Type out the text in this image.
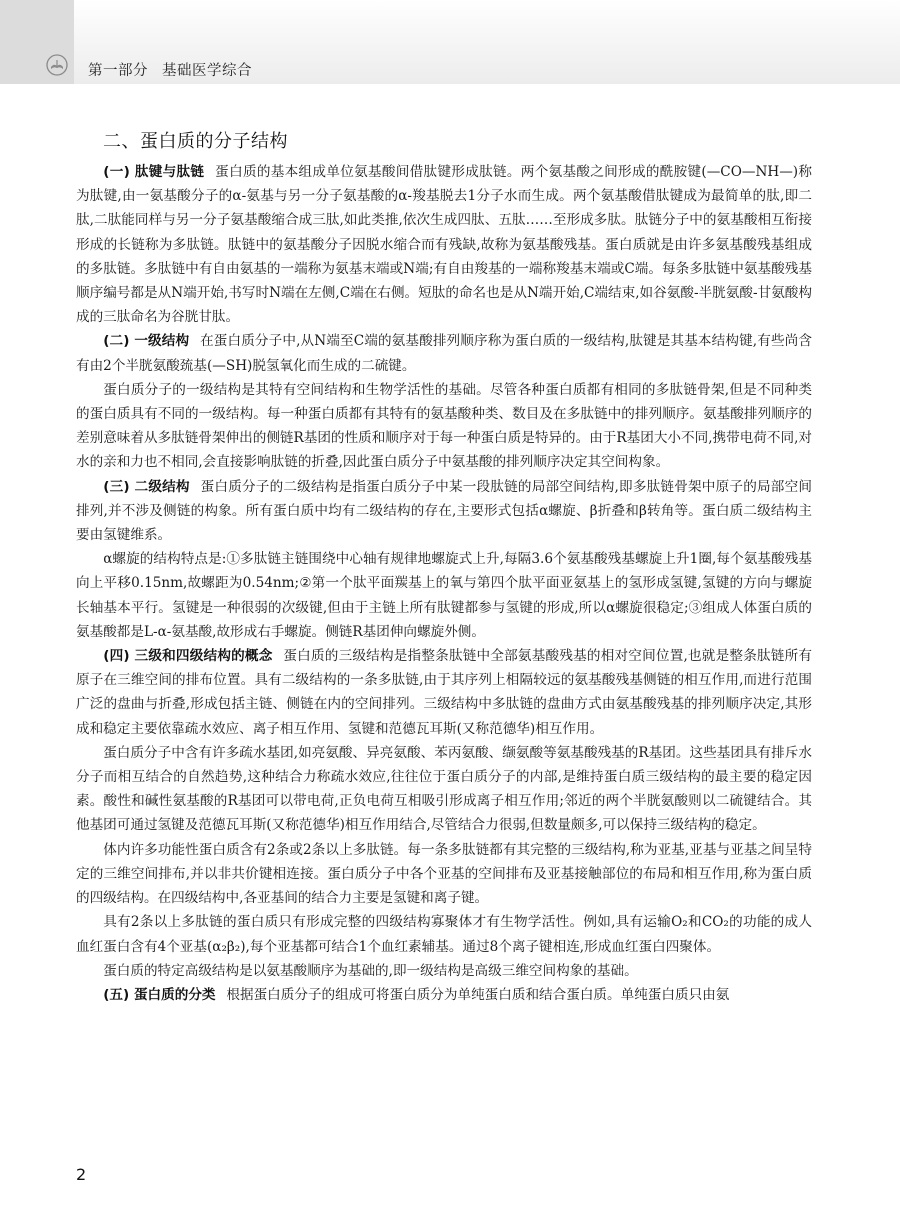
第一部分 基础医学综合
二、蛋白质的分子结构

(一) 肽键与肽链 蛋白质的基本组成单位氨基酸间借肽键形成肽链。两个氨基酸之间形成的酰胺键(—CO—NH—)称为肽键,由一氨基酸分子的α-氨基与另一分子氨基酸的α-羧基脱去1分子水而生成。两个氨基酸借肽键成为最简单的肽,即二肽,二肽能同样与另一分子氨基酸缩合成三肽,如此类推,依次生成四肽、五肽……至形成多肽。肽链分子中的氨基酸相互衔接形成的长链称为多肽链。肽链中的氨基酸分子因脱水缩合而有残缺,故称为氨基酸残基。蛋白质就是由许多氨基酸残基组成的多肽链。多肽链中有自由氨基的一端称为氨基末端或N端;有自由羧基的一端称羧基末端或C端。每条多肽链中氨基酸残基顺序编号都是从N端开始,书写时N端在左侧,C端在右侧。短肽的命名也是从N端开始,C端结束,如谷氨酸-半胱氨酸-甘氨酸构成的三肽命名为谷胱甘肽。

(二) 一级结构 在蛋白质分子中,从N端至C端的氨基酸排列顺序称为蛋白质的一级结构,肽键是其基本结构键,有些尚含有由2个半胱氨酸巯基(—SH)脱氢氧化而生成的二硫键。

蛋白质分子的一级结构是其特有空间结构和生物学活性的基础。尽管各种蛋白质都有相同的多肽链骨架,但是不同种类的蛋白质具有不同的一级结构。每一种蛋白质都有其特有的氨基酸种类、数目及在多肽链中的排列顺序。氨基酸排列顺序的差别意味着从多肽链骨架伸出的侧链R基团的性质和顺序对于每一种蛋白质是特异的。由于R基团大小不同,携带电荷不同,对水的亲和力也不相同,会直接影响肽链的折叠,因此蛋白质分子中氨基酸的排列顺序决定其空间构象。

(三) 二级结构 蛋白质分子的二级结构是指蛋白质分子中某一段肽链的局部空间结构,即多肽链骨架中原子的局部空间排列,并不涉及侧链的构象。所有蛋白质中均有二级结构的存在,主要形式包括α螺旋、β折叠和β转角等。蛋白质二级结构主要由氢键维系。

α螺旋的结构特点是:①多肽链主链围绕中心轴有规律地螺旋式上升,每隔3.6个氨基酸残基螺旋上升1圈,每个氨基酸残基向上平移0.15nm,故螺距为0.54nm;②第一个肽平面羰基上的氧与第四个肽平面亚氨基上的氢形成氢键,氢键的方向与螺旋长轴基本平行。氢键是一种很弱的次级键,但由于主链上所有肽键都参与氢键的形成,所以α螺旋很稳定;③组成人体蛋白质的氨基酸都是L-α-氨基酸,故形成右手螺旋。侧链R基团伸向螺旋外侧。

(四) 三级和四级结构的概念 蛋白质的三级结构是指整条肽链中全部氨基酸残基的相对空间位置,也就是整条肽链所有原子在三维空间的排布位置。具有二级结构的一条多肽链,由于其序列上相隔较远的氨基酸残基侧链的相互作用,而进行范围广泛的盘曲与折叠,形成包括主链、侧链在内的空间排列。三级结构中多肽链的盘曲方式由氨基酸残基的排列顺序决定,其形成和稳定主要依靠疏水效应、离子相互作用、氢键和范德瓦耳斯(又称范德华)相互作用。

蛋白质分子中含有许多疏水基团,如亮氨酸、异亮氨酸、苯丙氨酸、缬氨酸等氨基酸残基的R基团。这些基团具有排斥水分子而相互结合的自然趋势,这种结合力称疏水效应,往往位于蛋白质分子的内部,是维持蛋白质三级结构的最主要的稳定因素。酸性和碱性氨基酸的R基团可以带电荷,正负电荷互相吸引形成离子相互作用;邻近的两个半胱氨酸则以二硫键结合。其他基团可通过氢键及范德瓦耳斯(又称范德华)相互作用结合,尽管结合力很弱,但数量颇多,可以保持三级结构的稳定。

体内许多功能性蛋白质含有2条或2条以上多肽链。每一条多肽链都有其完整的三级结构,称为亚基,亚基与亚基之间呈特定的三维空间排布,并以非共价键相连接。蛋白质分子中各个亚基的空间排布及亚基接触部位的布局和相互作用,称为蛋白质的四级结构。在四级结构中,各亚基间的结合力主要是氢键和离子键。

具有2条以上多肽链的蛋白质只有形成完整的四级结构寡聚体才有生物学活性。例如,具有运输O₂和CO₂的功能的成人血红蛋白含有4个亚基(α₂β₂),每个亚基都可结合1个血红素辅基。通过8个离子键相连,形成血红蛋白四聚体。

蛋白质的特定高级结构是以氨基酸顺序为基础的,即一级结构是高级三维空间构象的基础。

(五) 蛋白质的分类 根据蛋白质分子的组成可将蛋白质分为单纯蛋白质和结合蛋白质。单纯蛋白质只由氨

2
